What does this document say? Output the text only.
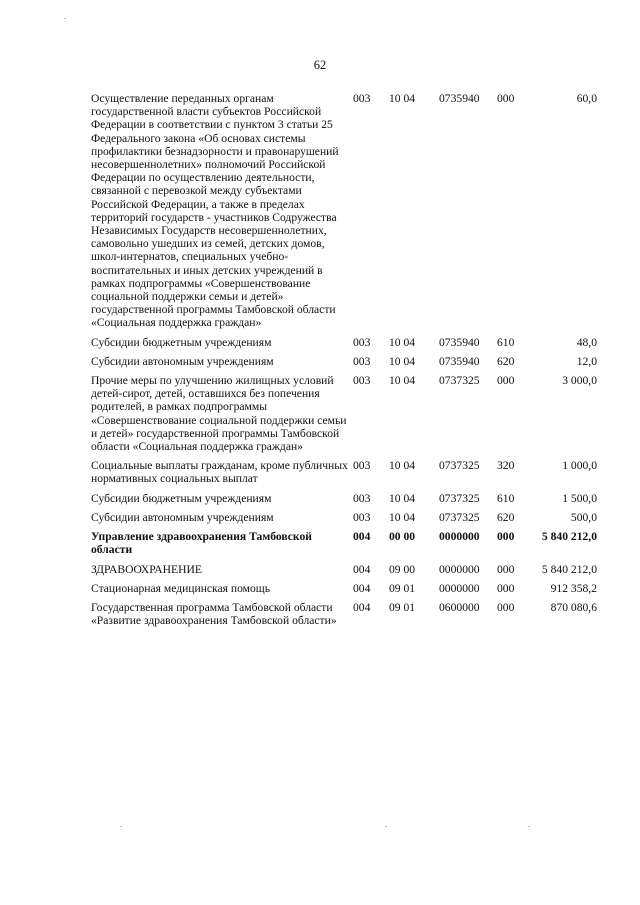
62
Осуществление переданных органам государственной власти субъектов Российской Федерации в соответствии с пунктом 3 статьи 25 Федерального закона «Об основах системы профилактики безнадзорности и правонарушений несовершеннолетних» полномочий Российской Федерации по осуществлению деятельности, связанной с перевозкой между субъектами Российской Федерации, а также в пределах территорий государств - участников Содружества Независимых Государств несовершеннолетних, самовольно ушедших из семей, детских домов, школ-интернатов, специальных учебно-воспитательных и иных детских учреждений в рамках подпрограммы «Совершенствование социальной поддержки семьи и детей» государственной программы Тамбовской области «Социальная поддержка граждан»	003	10 04	0735940	000	60,0
Субсидии бюджетным учреждениям	003	10 04	0735940	610	48,0
Субсидии автономным учреждениям	003	10 04	0735940	620	12,0
Прочие меры по улучшению жилищных условий детей-сирот, детей, оставшихся без попечения родителей, в рамках подпрограммы «Совершенствование социальной поддержки семьи и детей» государственной программы Тамбовской области «Социальная поддержка граждан»	003	10 04	0737325	000	3 000,0
Социальные выплаты гражданам, кроме публичных нормативных социальных выплат	003	10 04	0737325	320	1 000,0
Субсидии бюджетным учреждениям	003	10 04	0737325	610	1 500,0
Субсидии автономным учреждениям	003	10 04	0737325	620	500,0
Управление здравоохранения Тамбовской области	004	00 00	0000000	000	5 840 212,0
ЗДРАВООХРАНЕНИЕ	004	09 00	0000000	000	5 840 212,0
Стационарная медицинская помощь	004	09 01	0000000	000	912 358,2
Государственная программа Тамбовской области «Развитие здравоохранения Тамбовской области»	004	09 01	0600000	000	870 080,6
